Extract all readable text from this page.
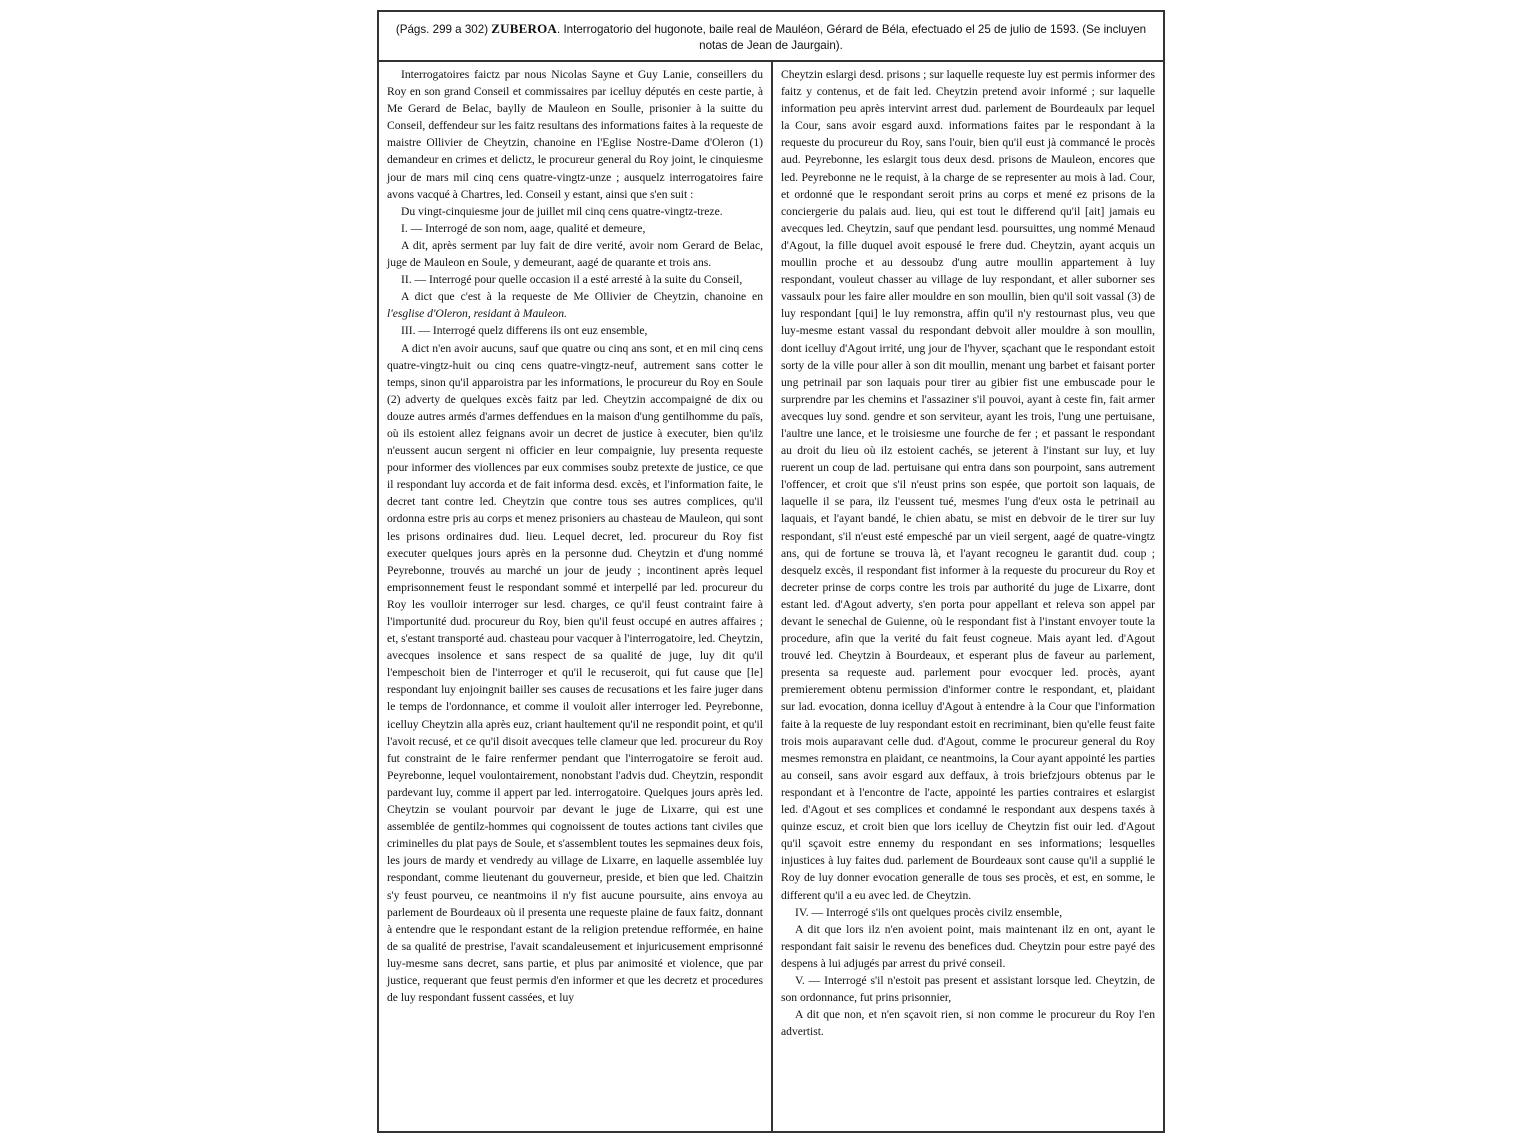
(Págs. 299 a 302) ZUBEROA. Interrogatorio del hugonote, baile real de Mauléon, Gérard de Béla, efectuado el 25 de julio de 1593. (Se incluyen notas de Jean de Jaurgain).

Interrogatoires faictz par nous Nicolas Sayne et Guy Lanie, conseillers du Roy en son grand Conseil et commissaires par icelluy députés en ceste partie, à Me Gerard de Belac, baylly de Mauleon en Soulle, prisonier à la suitte du Conseil, deffendeur sur les faitz resultans des informations faites à la requeste de maistre Ollivier de Cheytzin, chanoine en l'Eglise Nostre-Dame d'Oleron (1) demandeur en crimes et delictz, le procureur general du Roy joint, le cinquiesme jour de mars mil cinq cens quatre-vingtz-unze ; ausquelz interrogatoires faire avons vacqué à Chartres, led. Conseil y estant, ainsi que s'en suit :

Du vingt-cinquiesme jour de juillet mil cinq cens quatre-vingtz-treze.

I. — Interrogé de son nom, aage, qualité et demeure,

A dit, après serment par luy fait de dire verité, avoir nom Gerard de Belac, juge de Mauleon en Soule, y demeurant, aagé de quarante et trois ans.

II. — Interrogé pour quelle occasion il a esté arresté à la suite du Conseil,

A dict que c'est à la requeste de Me Ollivier de Cheytzin, chanoine en l'esglise d'Oleron, residant à Mauleon.

III. — Interrogé quelz differens ils ont euz ensemble,

A dict n'en avoir aucuns, sauf que quatre ou cinq ans sont, et en mil cinq cens quatre-vingtz-huit ou cinq cens quatre-vingtz-neuf, autrement sans cotter le temps, sinon qu'il apparoistra par les informations, le procureur du Roy en Soule (2) adverty de quelques excès faitz par led. Cheytzin accompaigné de dix ou douze autres armés d'armes deffendues en la maison d'ung gentilhomme du païs, où ils estoient allez feignans avoir un decret de justice à executer, bien qu'ilz n'eussent aucun sergent ni officier en leur compaignie, luy presenta requeste pour informer des viollences par eux commises soubz pretexte de justice, ce que il respondant luy accorda et de fait informa desd. excès, et l'information faite, le decret tant contre led. Cheytzin que contre tous ses autres complices, qu'il ordonna estre pris au corps et menez prisoniers au chasteau de Mauleon, qui sont les prisons ordinaires dud. lieu. Lequel decret, led. procureur du Roy fist executer quelques jours après en la personne dud. Cheytzin et d'ung nommé Peyrebonne, trouvés au marché un jour de jeudy ; incontinent après lequel emprisonnement feust le respondant sommé et interpellé par led. procureur du Roy les voulloir interroger sur lesd. charges, ce qu'il feust contraint faire à l'importunité dud. procureur du Roy, bien qu'il feust occupé en autres affaires ; et, s'estant transporté aud. chasteau pour vacquer à l'interrogatoire, led. Cheytzin, avecques insolence et sans respect de sa qualité de juge, luy dit qu'il l'empeschoit bien de l'interroger et qu'il le recuseroit, qui fut cause que [le] respondant luy enjoingnit bailler ses causes de recusations et les faire juger dans le temps de l'ordonnance, et comme il vouloit aller interroger led. Peyrebonne, icelluy Cheytzin alla après euz, criant haultement qu'il ne respondit point, et qu'il l'avoit recusé, et ce qu'il disoit avecques telle clameur que led. procureur du Roy fut constraint de le faire renfermer pendant que l'interrogatoire se feroit aud. Peyrebonne, lequel voulontairement, nonobstant l'advis dud. Cheytzin, respondit pardevant luy, comme il appert par led. interrogatoire. Quelques jours après led. Cheytzin se voulant pourvoir par devant le juge de Lixarre, qui est une assemblée de gentilz-hommes qui cognoissent de toutes actions tant civiles que criminelles du plat pays de Soule, et s'assemblent toutes les sepmaines deux fois, les jours de mardy et vendredy au village de Lixarre, en laquelle assemblée luy respondant, comme lieutenant du gouverneur, preside, et bien que led. Chaitzin s'y feust pourveu, ce neantmoins il n'y fist aucune poursuite, ains envoya au parlement de Bourdeaux où il presenta une requeste plaine de faux faitz, donnant à entendre que le respondant estant de la religion pretendue refformée, en haine de sa qualité de prestrise, l'avait scandaleusement et injuricusement emprisonné luy-mesme sans decret, sans partie, et plus par animosité et violence, que par justice, requerant que feust permis d'en informer et que les decretz et procedures de luy respondant fussent cassées, et luy

Cheytzin eslargi desd. prisons ; sur laquelle requeste luy est permis informer des faitz y contenus, et de fait led. Cheytzin pretend avoir informé ; sur laquelle information peu après intervint arrest dud. parlement de Bourdeaulx par lequel la Cour, sans avoir esgard auxd. informations faites par le respondant à la requeste du procureur du Roy, sans l'ouir, bien qu'il eust jà commancé le procès aud. Peyrebonne, les eslargit tous deux desd. prisons de Mauleon, encores que led. Peyrebonne ne le requist, à la charge de se representer au mois à lad. Cour, et ordonné que le respondant seroit prins au corps et mené ez prisons de la conciergerie du palais aud. lieu, qui est tout le differend qu'il [ait] jamais eu avecques led. Cheytzin, sauf que pendant lesd. poursuittes, ung nommé Menaud d'Agout, la fille duquel avoit espousé le frere dud. Cheytzin, ayant acquis un moullin proche et au dessoubz d'ung autre moullin appartement à luy respondant, vouleut chasser au village de luy respondant, et aller suborner ses vassaulx pour les faire aller mouldre en son moullin, bien qu'il soit vassal (3) de luy respondant [qui] le luy remonstra, affin qu'il n'y restournast plus, veu que luy-mesme estant vassal du respondant debvoit aller mouldre à son moullin, dont icelluy d'Agout irrité, ung jour de l'hyver, sçachant que le respondant estoit sorty de la ville pour aller à son dit moullin, menant ung barbet et faisant porter ung petrinail par son laquais pour tirer au gibier fist une embuscade pour le surprendre par les chemins et l'assaziner s'il pouvoi, ayant à ceste fin, fait armer avecques luy sond. gendre et son serviteur, ayant les trois, l'ung une pertuisane, l'aultre une lance, et le troisiesme une fourche de fer ; et passant le respondant au droit du lieu où ilz estoient cachés, se jeterent à l'instant sur luy, et luy ruerent un coup de lad. pertuisane qui entra dans son pourpoint, sans autrement l'offencer, et croit que s'il n'eust prins son espée, que portoit son laquais, de laquelle il se para, ilz l'eussent tué, mesmes l'ung d'eux osta le petrinail au laquais, et l'ayant bandé, le chien abatu, se mist en debvoir de le tirer sur luy respondant, s'il n'eust esté empesché par un vieil sergent, aagé de quatre-vingtz ans, qui de fortune se trouva là, et l'ayant recogneu le garantit dud. coup ; desquelz excès, il respondant fist informer à la requeste du procureur du Roy et decreter prinse de corps contre les trois par authorité du juge de Lixarre, dont estant led. d'Agout adverty, s'en porta pour appellant et releva son appel par devant le senechal de Guienne, où le respondant fist à l'instant envoyer toute la procedure, afin que la verité du fait feust cogneue. Mais ayant led. d'Agout trouvé led. Cheytzin à Bourdeaux, et esperant plus de faveur au parlement, presenta sa requeste aud. parlement pour evocquer led. procès, ayant premierement obtenu permission d'informer contre le respondant, et, plaidant sur lad. evocation, donna icelluy d'Agout à entendre à la Cour que l'information faite à la requeste de luy respondant estoit en recriminant, bien qu'elle feust faite trois mois auparavant celle dud. d'Agout, comme le procureur general du Roy mesmes remonstra en plaidant, ce neantmoins, la Cour ayant appointé les parties au conseil, sans avoir esgard aux deffaux, à trois briefzjours obtenus par le respondant et à l'encontre de l'acte, appointé les parties contraires et eslargist led. d'Agout et ses complices et condamné le respondant aux despens taxés à quinze escuz, et croit bien que lors icelluy de Cheytzin fist ouir led. d'Agout qu'il sçavoit estre ennemy du respondant en ses informations; lesquelles injustices à luy faites dud. parlement de Bourdeaux sont cause qu'il a supplié le Roy de luy donner evocation generalle de tous ses procès, et est, en somme, le different qu'il a eu avec led. de Cheytzin.

IV. — Interrogé s'ils ont quelques procès civilz ensemble,

A dit que lors ilz n'en avoient point, mais maintenant ilz en ont, ayant le respondant fait saisir le revenu des benefices dud. Cheytzin pour estre payé des despens à lui adjugés par arrest du privé conseil.

V. — Interrogé s'il n'estoit pas present et assistant lorsque led. Cheytzin, de son ordonnance, fut prins prisonnier,

A dit que non, et n'en sçavoit rien, si non comme le procureur du Roy l'en advertist.
